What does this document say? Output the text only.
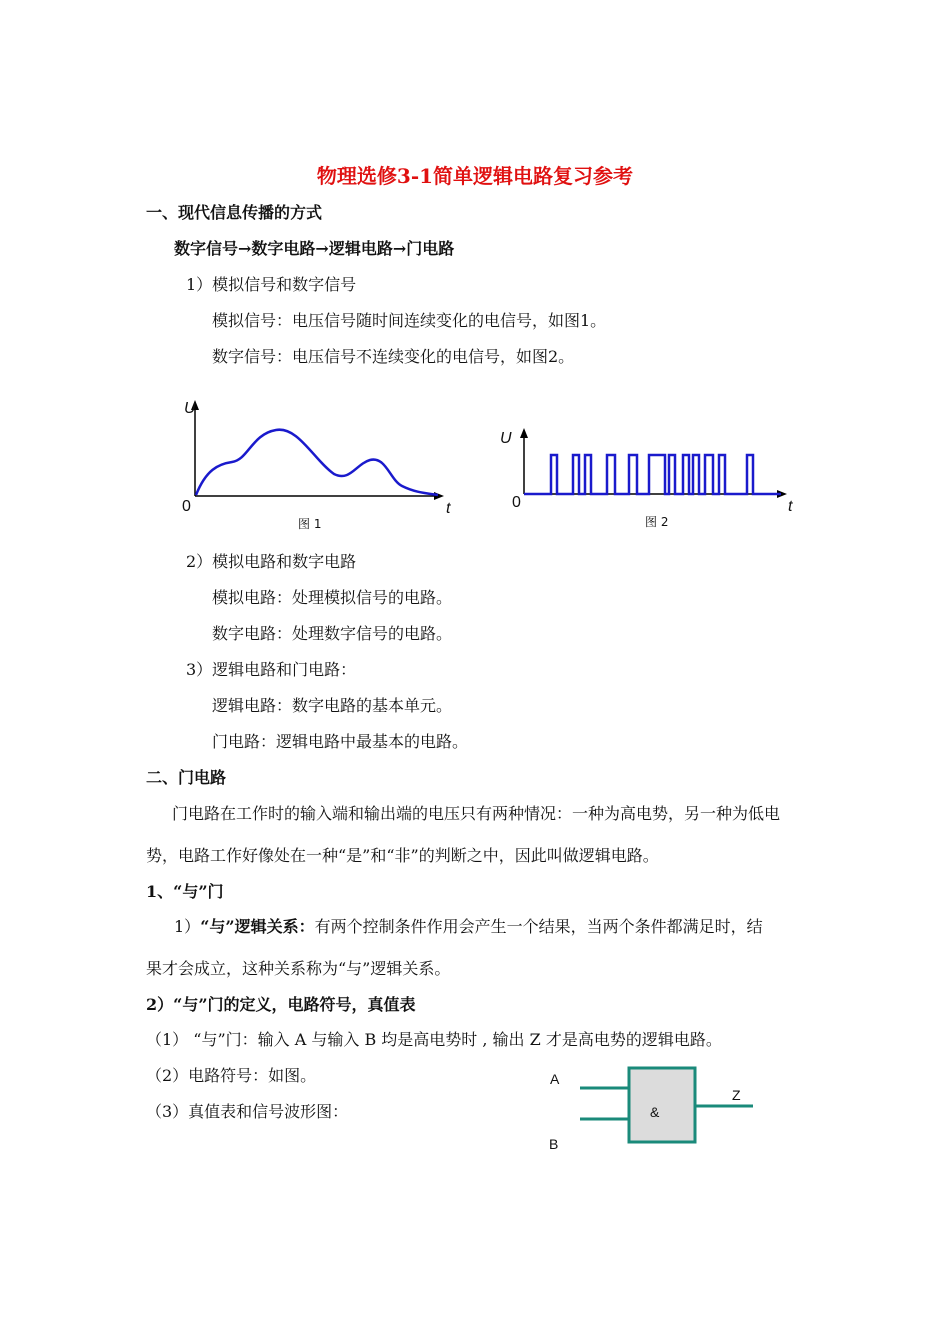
物理选修3-1简单逻辑电路复习参考
一、现代信息传播的方式
数字信号→数字电路→逻辑电路→门电路
1）模拟信号和数字信号
模拟信号：电压信号随时间连续变化的电信号，如图1。
数字信号：电压信号不连续变化的电信号，如图2。
U
0	t
图 1
U
0	t
图 2
2）模拟电路和数字电路
模拟电路：处理模拟信号的电路。
数字电路：处理数字信号的电路。
3）逻辑电路和门电路：
逻辑电路：数字电路的基本单元。
门电路：逻辑电路中最基本的电路。
二、门电路
门电路在工作时的输入端和输出端的电压只有两种情况：一种为高电势，另一种为低电
势，电路工作好像处在一种“是”和“非”的判断之中，因此叫做逻辑电路。
1、“与”门
1）“与”逻辑关系：有两个控制条件作用会产生一个结果，当两个条件都满足时，结
果才会成立，这种关系称为“与”逻辑关系。
2）“与”门的定义，电路符号，真值表
（1） “与”门：输入 A 与输入 B 均是高电势时 , 输出 Z 才是高电势的逻辑电路。
（2）电路符号：如图。
（3）真值表和信号波形图：	&
A
B
Z
